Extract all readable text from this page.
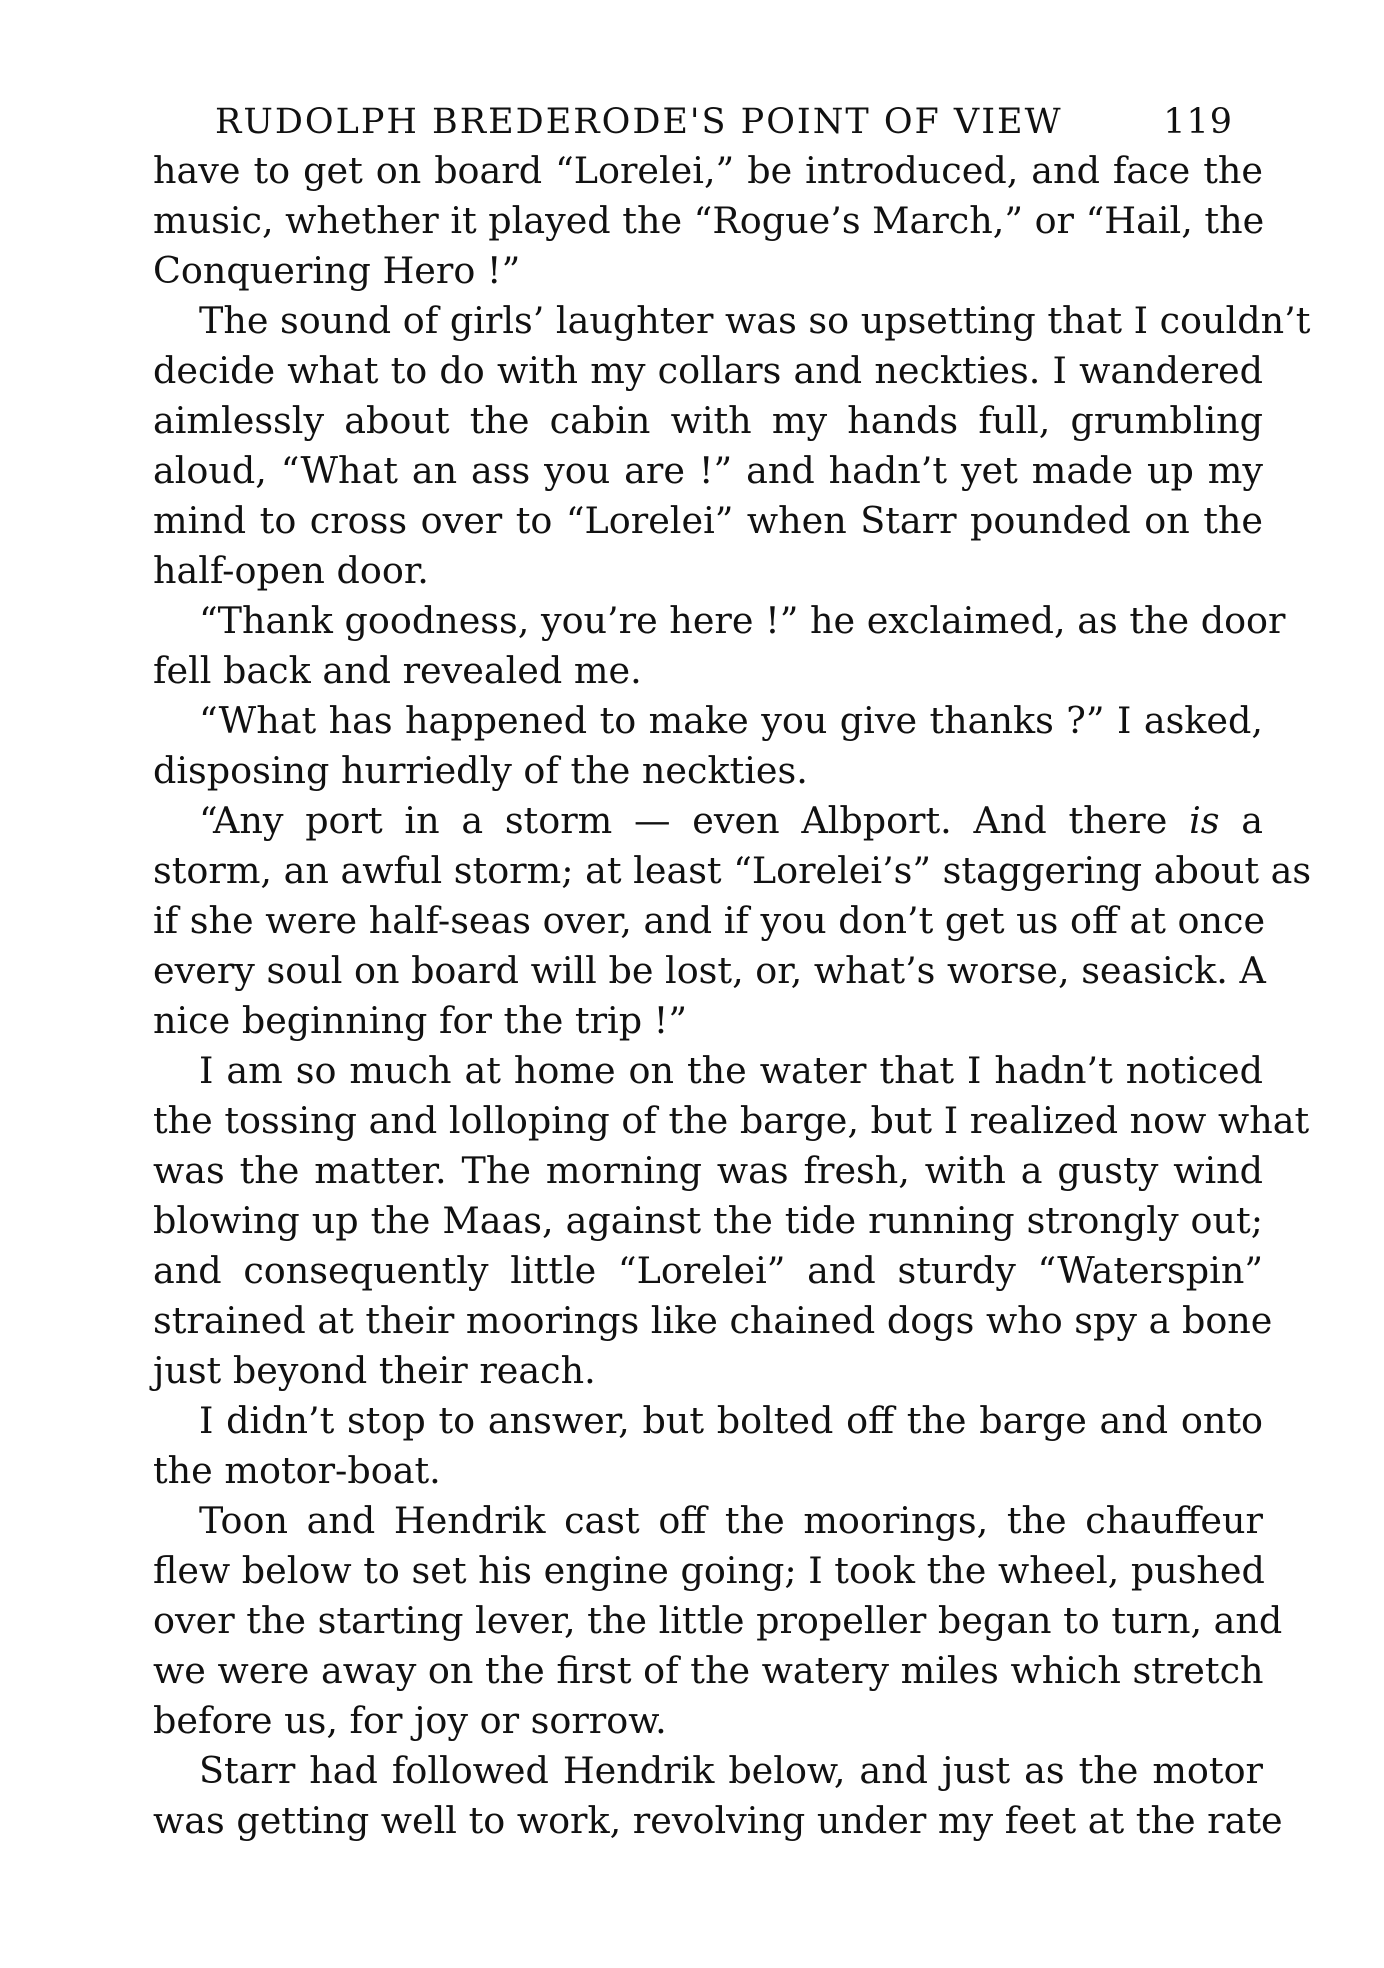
RUDOLPH BREDERODE'S POINT OF VIEW	119
have to get on board “Lorelei,” be introduced, and face the
music, whether it played the “Rogue’s March,” or “Hail, the
Conquering Hero !”
The sound of girls’ laughter was so upsetting that I couldn’t
decide what to do with my collars and neckties. I wandered
aimlessly about the cabin with my hands full, grumbling
aloud, “What an ass you are !” and hadn’t yet made up my
mind to cross over to “Lorelei” when Starr pounded on the
half-open door.
“Thank goodness, you’re here !” he exclaimed, as the door
fell back and revealed me.
“What has happened to make you give thanks ?” I asked,
disposing hurriedly of the neckties.
“Any port in a storm — even Albport. And there is a
storm, an awful storm; at least “Lorelei’s” staggering about as
if she were half-seas over, and if you don’t get us off at once
every soul on board will be lost, or, what’s worse, seasick. A
nice beginning for the trip !”
I am so much at home on the water that I hadn’t noticed
the tossing and lolloping of the barge, but I realized now what
was the matter. The morning was fresh, with a gusty wind
blowing up the Maas, against the tide running strongly out;
and consequently little “Lorelei” and sturdy “Waterspin”
strained at their moorings like chained dogs who spy a bone
just beyond their reach.
I didn’t stop to answer, but bolted off the barge and onto
the motor-boat.
Toon and Hendrik cast off the moorings, the chauffeur
flew below to set his engine going; I took the wheel, pushed
over the starting lever, the little propeller began to turn, and
we were away on the first of the watery miles which stretch
before us, for joy or sorrow.
Starr had followed Hendrik below, and just as the motor
was getting well to work, revolving under my feet at the rate
